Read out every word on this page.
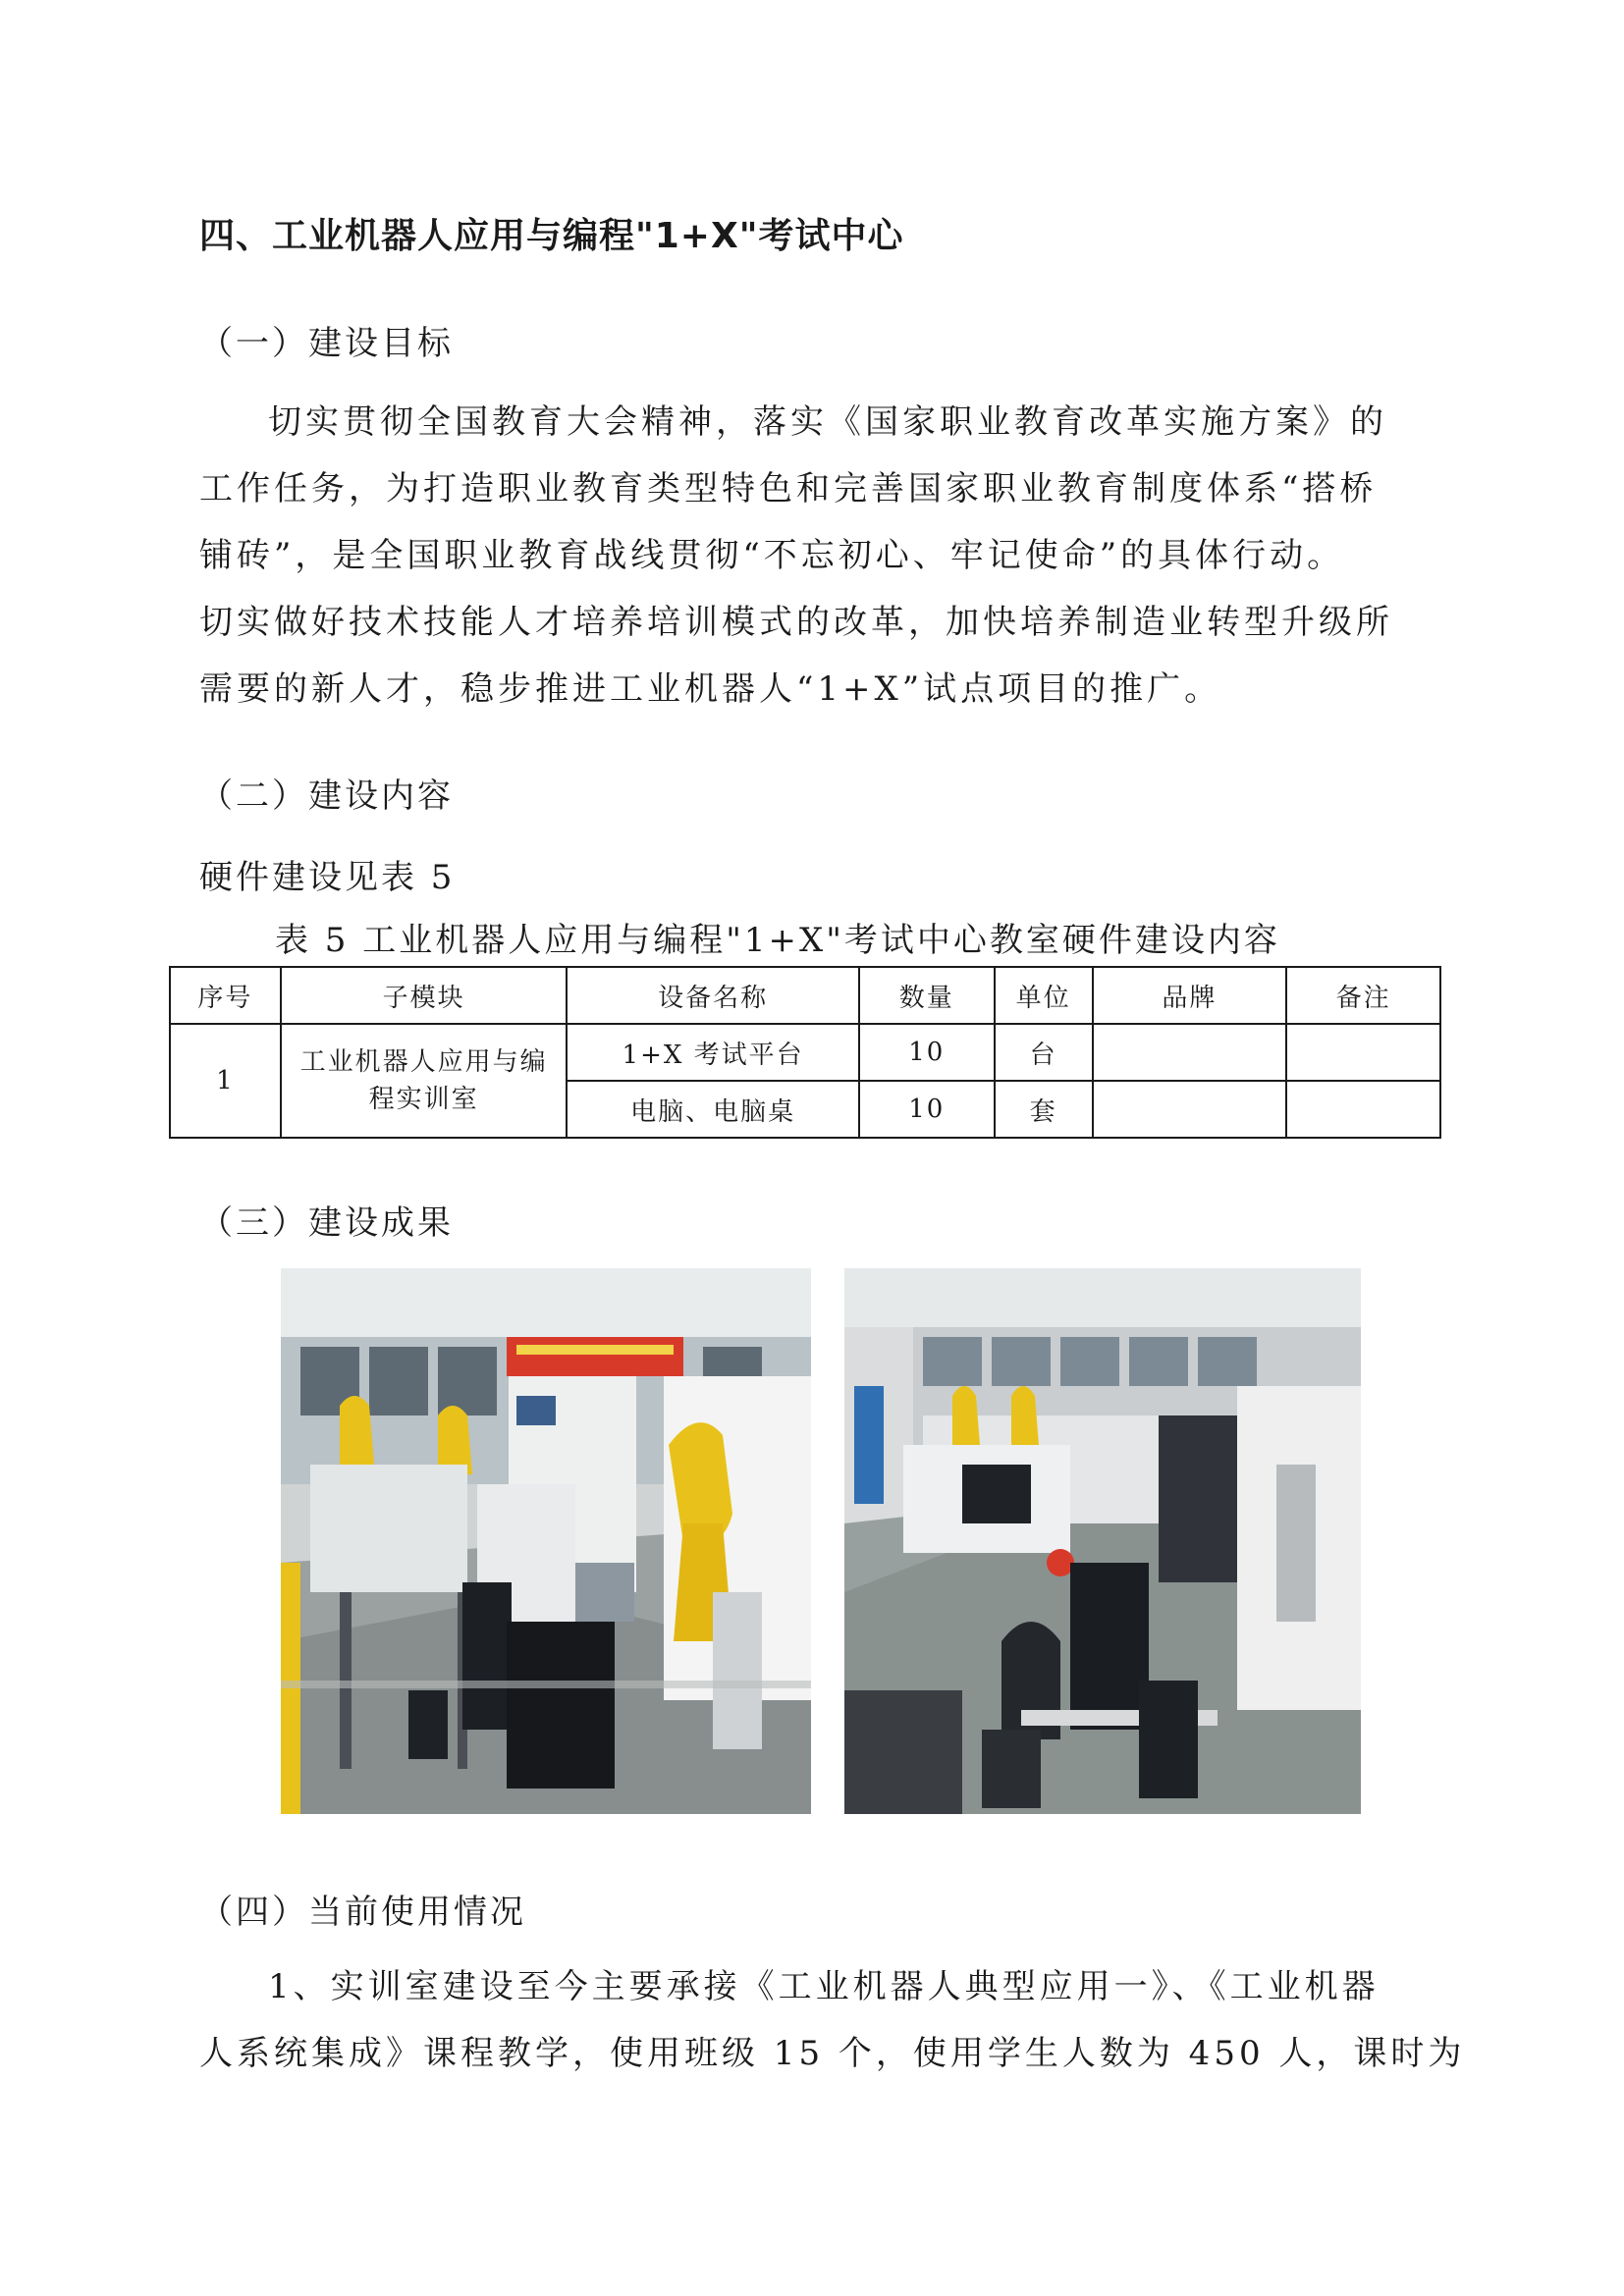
四、工业机器人应用与编程"1+X"考试中心
（一）建设目标

切实贯彻全国教育大会精神，落实《国家职业教育改革实施方案》的

工作任务，为打造职业教育类型特色和完善国家职业教育制度体系“搭桥

铺砖”，是全国职业教育战线贯彻“不忘初心、牢记使命”的具体行动。

切实做好技术技能人才培养培训模式的改革，加快培养制造业转型升级所

需要的新人才，稳步推进工业机器人“1+X”试点项目的推广。

（二）建设内容
硬件建设见表 5
表 5 工业机器人应用与编程"1+X"考试中心教室硬件建设内容
序号	子模块	设备名称	数量	单位	品牌	备注
1	工业机器人应用与编程实训室	1+X 考试平台	10	台		
		电脑、电脑桌	10	套		
（三）建设成果
（四）当前使用情况

1、实训室建设至今主要承接《工业机器人典型应用一》、《工业机器

人系统集成》课程教学，使用班级 15 个，使用学生人数为 450 人，课时为
